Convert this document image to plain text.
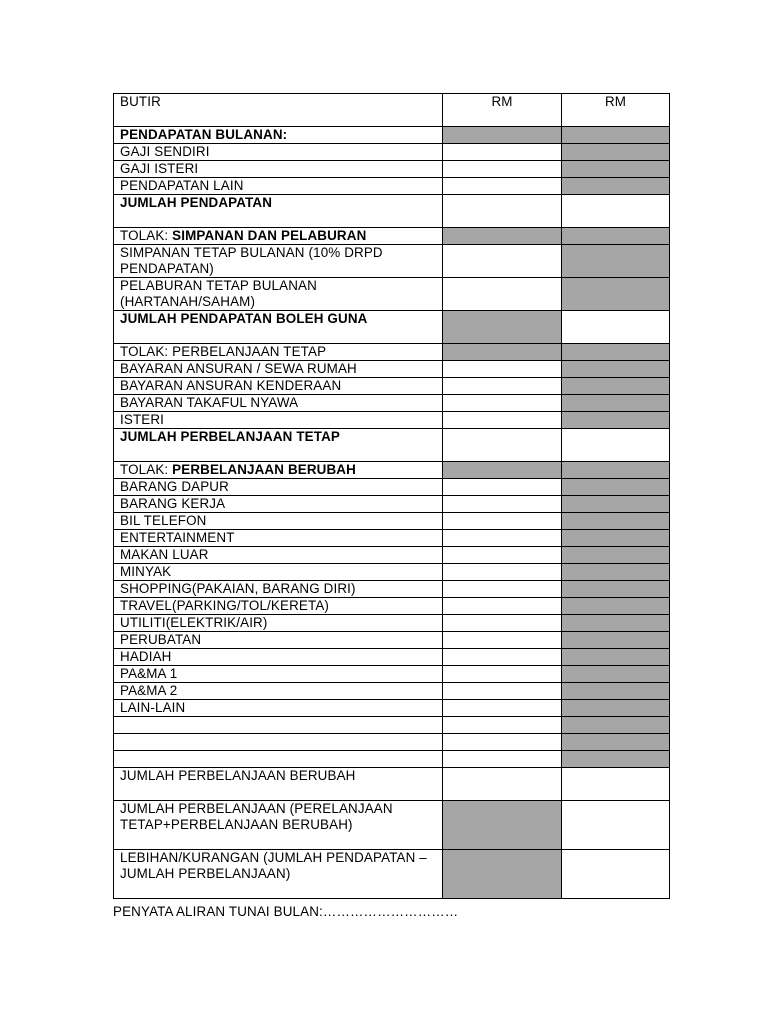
BUTIR	RM	RM
PENDAPATAN BULANAN:		
GAJI SENDIRI		
GAJI ISTERI		
PENDAPATAN LAIN		
JUMLAH PENDAPATAN		
TOLAK: SIMPANAN DAN PELABURAN		
SIMPANAN TETAP BULANAN (10% DRPD PENDAPATAN)		
PELABURAN TETAP BULANAN (HARTANAH/SAHAM)		
JUMLAH PENDAPATAN BOLEH GUNA		
TOLAK: PERBELANJAAN TETAP		
BAYARAN ANSURAN / SEWA RUMAH		
BAYARAN ANSURAN KENDERAAN		
BAYARAN TAKAFUL NYAWA		
ISTERI		
JUMLAH PERBELANJAAN TETAP		
TOLAK: PERBELANJAAN BERUBAH		
BARANG DAPUR		
BARANG KERJA		
BIL TELEFON		
ENTERTAINMENT		
MAKAN LUAR		
MINYAK		
SHOPPING(PAKAIAN, BARANG DIRI)		
TRAVEL(PARKING/TOL/KERETA)		
UTILITI(ELEKTRIK/AIR)		
PERUBATAN		
HADIAH		
PA&MA 1		
PA&MA 2		
LAIN-LAIN		

JUMLAH PERBELANJAAN BERUBAH		
JUMLAH PERBELANJAAN (PERELANJAAN TETAP+PERBELANJAAN BERUBAH)		
LEBIHAN/KURANGAN (JUMLAH PENDAPATAN – JUMLAH PERBELANJAAN)		
PENYATA ALIRAN TUNAI BULAN:…………………………
